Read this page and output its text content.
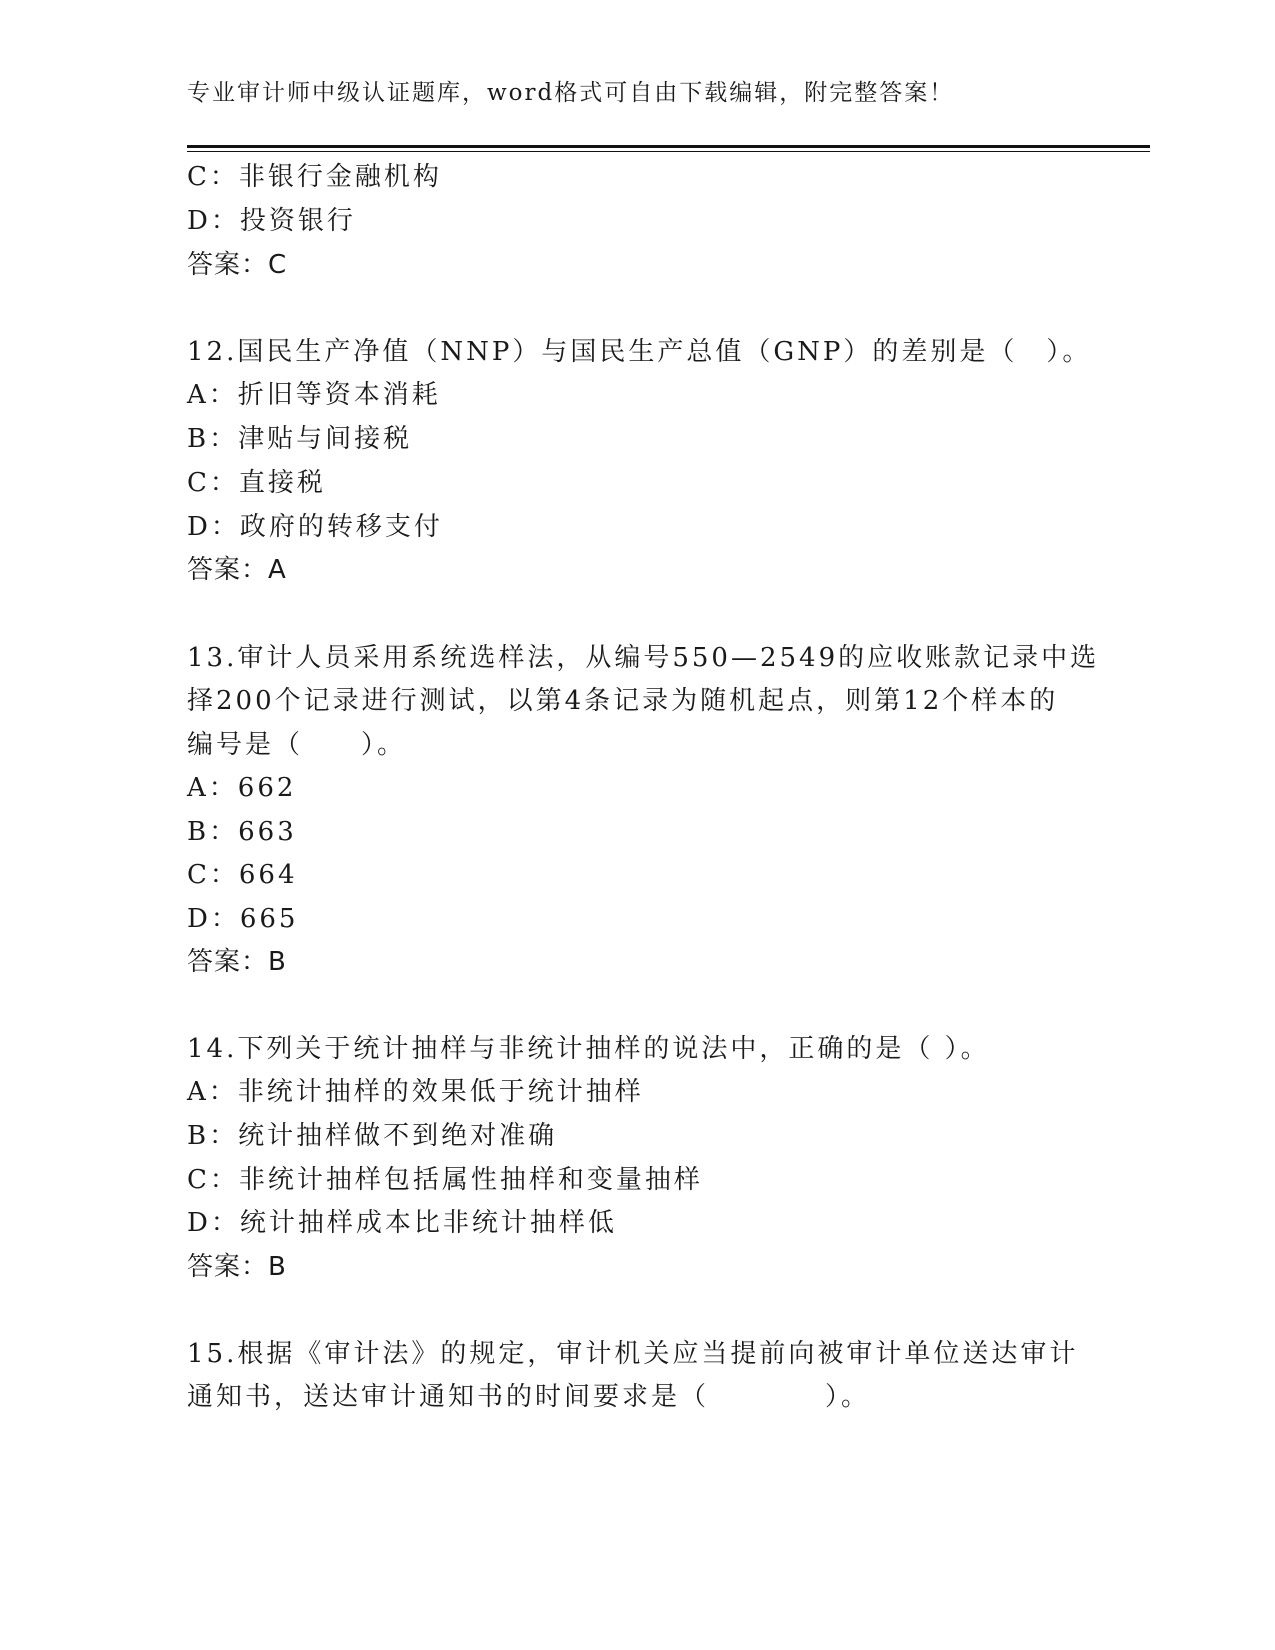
专业审计师中级认证题库，word格式可自由下载编辑，附完整答案！
C：非银行金融机构
D：投资银行
答案：C
12.国民生产净值（NNP）与国民生产总值（GNP）的差别是（　）。
A：折旧等资本消耗
B：津贴与间接税
C：直接税
D：政府的转移支付
答案：A
13.审计人员采用系统选样法，从编号550—2549的应收账款记录中选
择200个记录进行测试，以第4条记录为随机起点，则第12个样本的
编号是（　　）。
A：662
B：663
C：664
D：665
答案：B
14.下列关于统计抽样与非统计抽样的说法中，正确的是（ ）。
A：非统计抽样的效果低于统计抽样
B：统计抽样做不到绝对准确
C：非统计抽样包括属性抽样和变量抽样
D：统计抽样成本比非统计抽样低
答案：B
15.根据《审计法》的规定，审计机关应当提前向被审计单位送达审计
通知书，送达审计通知书的时间要求是（　　　　）。
